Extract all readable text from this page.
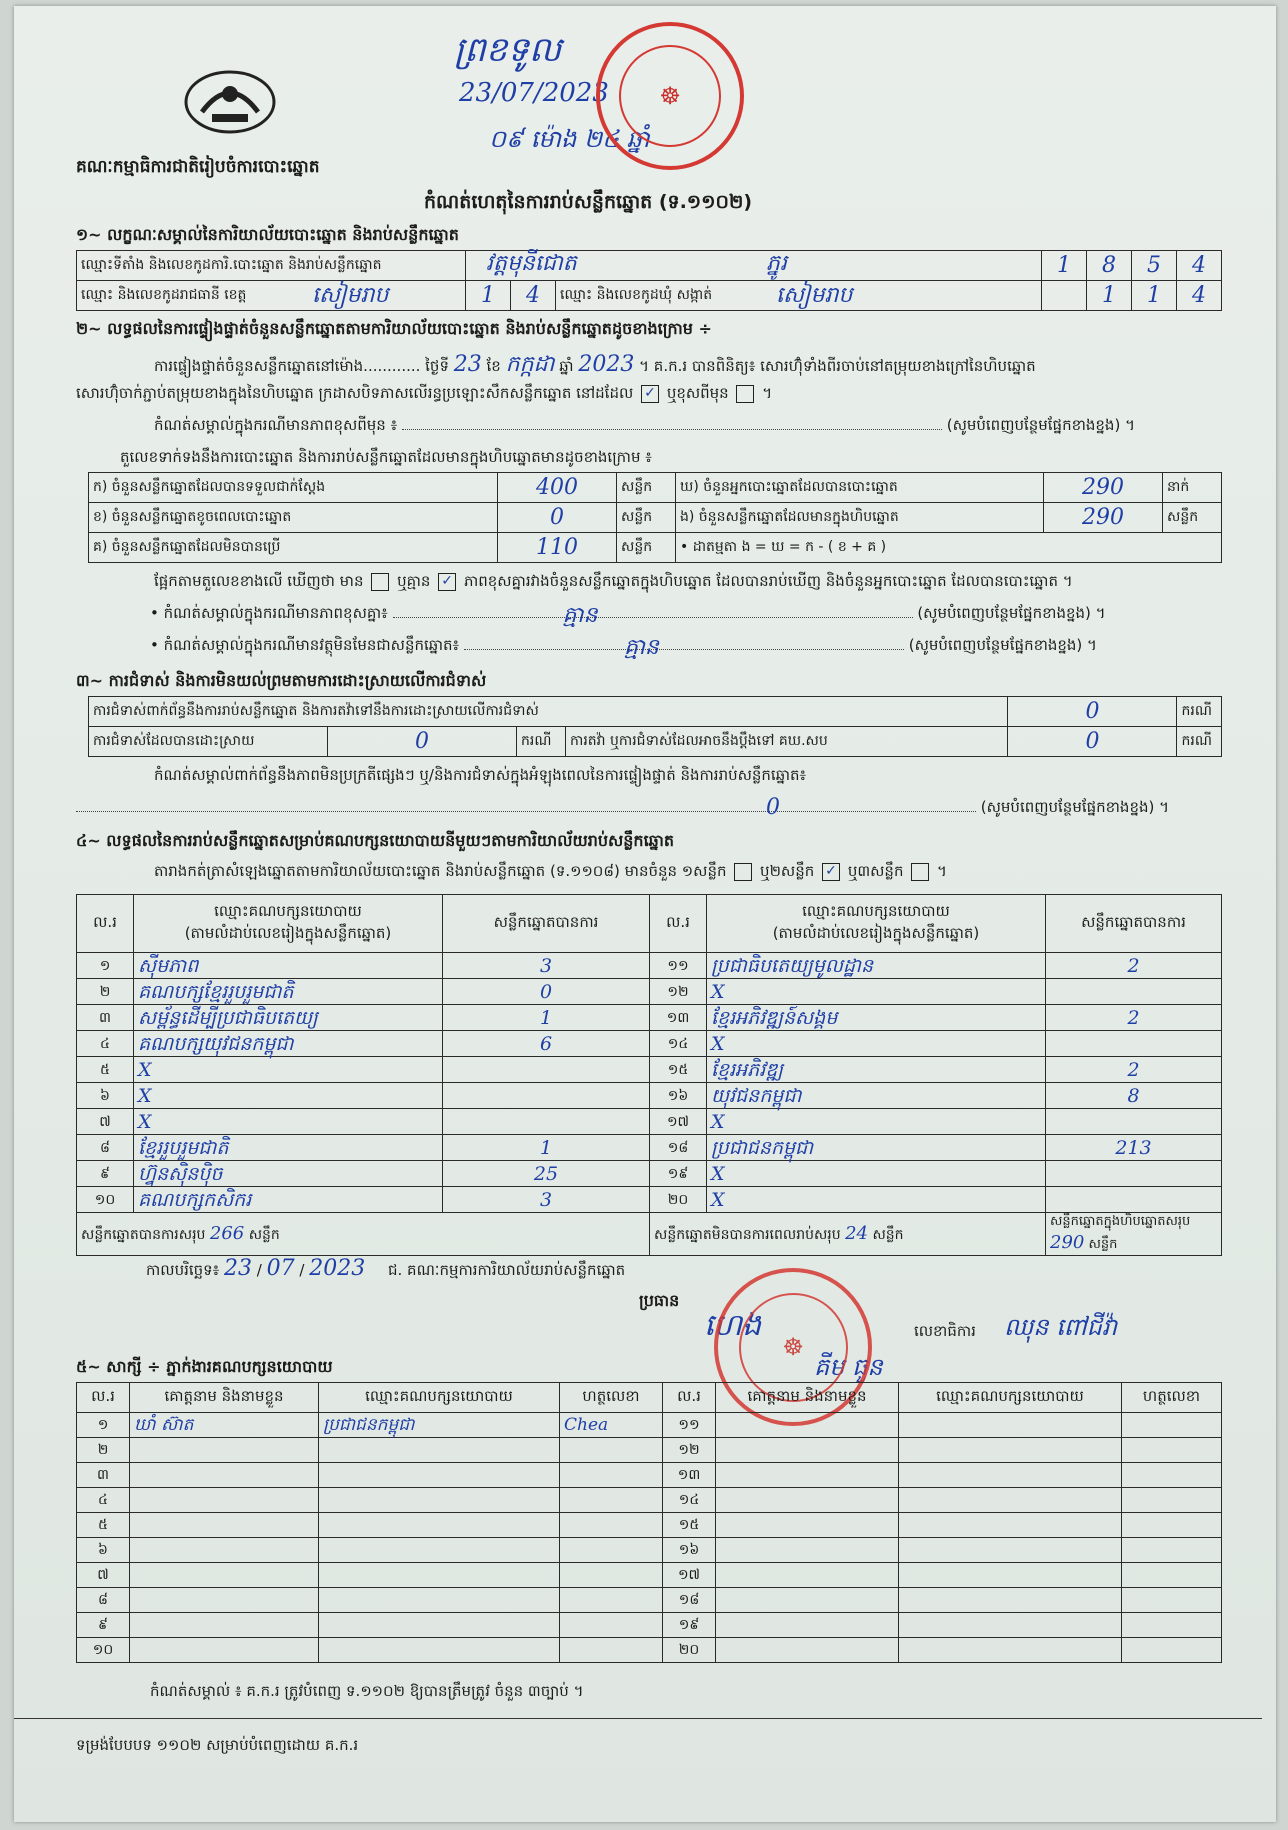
ព្រខទូល
23/07/2023
០៩ ម៉ោង ២៤ ឆ្នាំ
☸
គណៈកម្មាធិការជាតិរៀបចំការបោះឆ្នោត
កំណត់ហេតុនៃការរាប់សន្លឹកឆ្នោត (ទ.១១០២)
១~ លក្ខណៈសម្គាល់នៃការិយាល័យបោះឆ្នោត និងរាប់សន្លឹកឆ្នោត
ឈ្មោះទីតាំង និងលេខកូដការិ.បោះឆ្នោត និងរាប់សន្លឹកឆ្នោត	វត្តមុនីជោត ភ្នូរ			1	8	5	4
ឈ្មោះ និងលេខកូដរាជធានី ខេត្ត សៀមរាប	1	4	ឈ្មោះ និងលេខកូដឃុំ សង្កាត់ សៀមរាប		1	1	4
២~ លទ្ធផលនៃការផ្ទៀងផ្ទាត់ចំនួនសន្លឹកឆ្នោតតាមការិយាល័យបោះឆ្នោត និងរាប់សន្លឹកឆ្នោតដូចខាងក្រោម ÷
ការផ្ទៀងផ្ទាត់ចំនួនសន្លឹកឆ្នោតនៅម៉ោង............ ថ្ងៃទី 23 ខែ កក្កដា ឆ្នាំ 2023 ។ គ.ក.រ បានពិនិត្យ៖ សោរហ៊ុំទាំងពីរចាប់នៅតម្រុយខាងក្រៅនៃហិបឆ្នោត
សោរហ៊ុំចាក់ភ្ជាប់តម្រុយខាងក្នុងនៃហិបឆ្នោត ក្រដាសបិទភាសលើរន្ធប្រឡោះសឹកសន្លឹកឆ្នោត នៅដដែល ✓ ឬខុសពីមុន ។
កំណត់សម្គាល់ក្នុងករណីមានភាពខុសពីមុន ៖	(សូមបំពេញបន្ថែមផ្នែកខាងខ្នង) ។
តួលេខទាក់ទងនឹងការបោះឆ្នោត និងការរាប់សន្លឹកឆ្នោតដែលមានក្នុងហិបឆ្នោតមានដូចខាងក្រោម ៖
ក) ចំនួនសន្លឹកឆ្នោតដែលបានទទួលជាក់ស្តែង	400	សន្លឹក	ឃ) ចំនួនអ្នកបោះឆ្នោតដែលបានបោះឆ្នោត	290	នាក់
ខ) ចំនួនសន្លឹកឆ្នោតខូចពេលបោះឆ្នោត	0	សន្លឹក	ង) ចំនួនសន្លឹកឆ្នោតដែលមានក្នុងហិបឆ្នោត	290	សន្លឹក
គ) ចំនួនសន្លឹកឆ្នោតដែលមិនបានប្រើ	110	សន្លឹក	• ដាតម្មតា ង = ឃ = ក - ( ខ + គ )		
ផ្អែកតាមតួលេខខាងលើ ឃើញថា មាន ឬគ្មាន ✓ ភាពខុសគ្នារវាងចំនួនសន្លឹកឆ្នោតក្នុងហិបឆ្នោត ដែលបានរាប់ឃើញ និងចំនួនអ្នកបោះឆ្នោត ដែលបានបោះឆ្នោត ។
• កំណត់សម្គាល់ក្នុងករណីមានភាពខុសគ្នា៖	គ្មាន	(សូមបំពេញបន្ថែមផ្នែកខាងខ្នង) ។
• កំណត់សម្គាល់ក្នុងករណីមានវត្ថុមិនមែនជាសន្លឹកឆ្នោត៖	គ្មាន	(សូមបំពេញបន្ថែមផ្នែកខាងខ្នង) ។
៣~ ការជំទាស់ និងការមិនយល់ព្រមតាមការដោះស្រាយលើការជំទាស់
ការជំទាស់ពាក់ព័ន្ធនឹងការរាប់សន្លឹកឆ្នោត និងការតវ៉ាទៅនឹងការដោះស្រាយលើការជំទាស់				0	ករណី
ការជំទាស់ដែលបានដោះស្រាយ	0	ករណី	ការតវ៉ា ឬការជំទាស់ដែលអាចនឹងប្តឹងទៅ គឃ.សប	0	ករណី
កំណត់សម្គាល់ពាក់ព័ន្ធនឹងភាពមិនប្រក្រតីផ្សេងៗ ឬ/និងការជំទាស់ក្នុងអំឡុងពេលនៃការផ្ទៀងផ្ទាត់ និងការរាប់សន្លឹកឆ្នោត៖
0	(សូមបំពេញបន្ថែមផ្នែកខាងខ្នង) ។
៤~ លទ្ធផលនៃការរាប់សន្លឹកឆ្នោតសម្រាប់គណបក្សនយោបាយនីមួយៗតាមការិយាល័យរាប់សន្លឹកឆ្នោត
តារាងកត់ត្រាសំឡេងឆ្នោតតាមការិយាល័យបោះឆ្នោត និងរាប់សន្លឹកឆ្នោត (ទ.១១០៨) មានចំនួន ១សន្លឹក ឬ២សន្លឹក ✓ ឬ៣សន្លឹក ។
ល.រ	ឈ្មោះគណបក្សនយោបាយ
(តាមលំដាប់លេខរៀងក្នុងសន្លឹកឆ្នោត)	សន្លឹកឆ្នោតបានការ	ល.រ	ឈ្មោះគណបក្សនយោបាយ
(តាមលំដាប់លេខរៀងក្នុងសន្លឹកឆ្នោត)	សន្លឹកឆ្នោតបានការ
១	ស៊ីមភាព	3	១១	ប្រជាធិបតេយ្យមូលដ្ឋាន	2
២	គណបក្សខ្មែររួបរួមជាតិ	0	១២	X	
៣	សម្ព័ន្ធដើម្បីប្រជាធិបតេយ្យ	1	១៣	ខ្មែរអភិវឌ្ឍន៍សង្គម	2
៤	គណបក្សយុវជនកម្ពុជា	6	១៤	X	
៥	X		១៥	ខ្មែរអភិវឌ្ឍ	2
៦	X		១៦	យុវជនកម្ពុជា	8
៧	X		១៧	X	
៨	ខ្មែររួបរួមជាតិ	1	១៨	ប្រជាជនកម្ពុជា	213
៩	ហ្វ៊ុនស៊ិនប៉ិច	25	១៩	X	
១០	គណបក្សកសិករ	3	២០	X	
សន្លឹកឆ្នោតបានការសរុប 266 សន្លឹក			សន្លឹកឆ្នោតមិនបានការពេលរាប់សរុប 24 សន្លឹក		សន្លឹកឆ្នោតក្នុងហិបឆ្នោតសរុប 290 សន្លឹក
កាលបរិច្ឆេទ៖ 23 / 07 / 2023 ជ. គណៈកម្មការការិយាល័យរាប់សន្លឹកឆ្នោត
ប្រធាន
ហេង
គីម ធួន
លេខាធិការ ឈុន ពៅជីវ៉ា
☸
៥~ សាក្សី ÷ ភ្នាក់ងារគណបក្សនយោបាយ
ល.រ	គោត្តនាម និងនាមខ្លួន	ឈ្មោះគណបក្សនយោបាយ	ហត្ថលេខា	ល.រ	គោត្តនាម និងនាមខ្លួន	ឈ្មោះគណបក្សនយោបាយ	ហត្ថលេខា
១	ឃាំ ស៊ាត	ប្រជាជនកម្ពុជា	Chea	១១			
២				១២			
៣				១៣			
៤				១៤			
៥				១៥			
៦				១៦			
៧				១៧			
៨				១៨			
៩				១៩			
១០				២០			
កំណត់សម្គាល់ ៖ គ.ក.រ ត្រូវបំពេញ ទ.១១០២ ឱ្យបានត្រឹមត្រូវ ចំនួន ៣ច្បាប់ ។
ទម្រង់បែបបទ ១១០២ សម្រាប់បំពេញដោយ គ.ក.រ
